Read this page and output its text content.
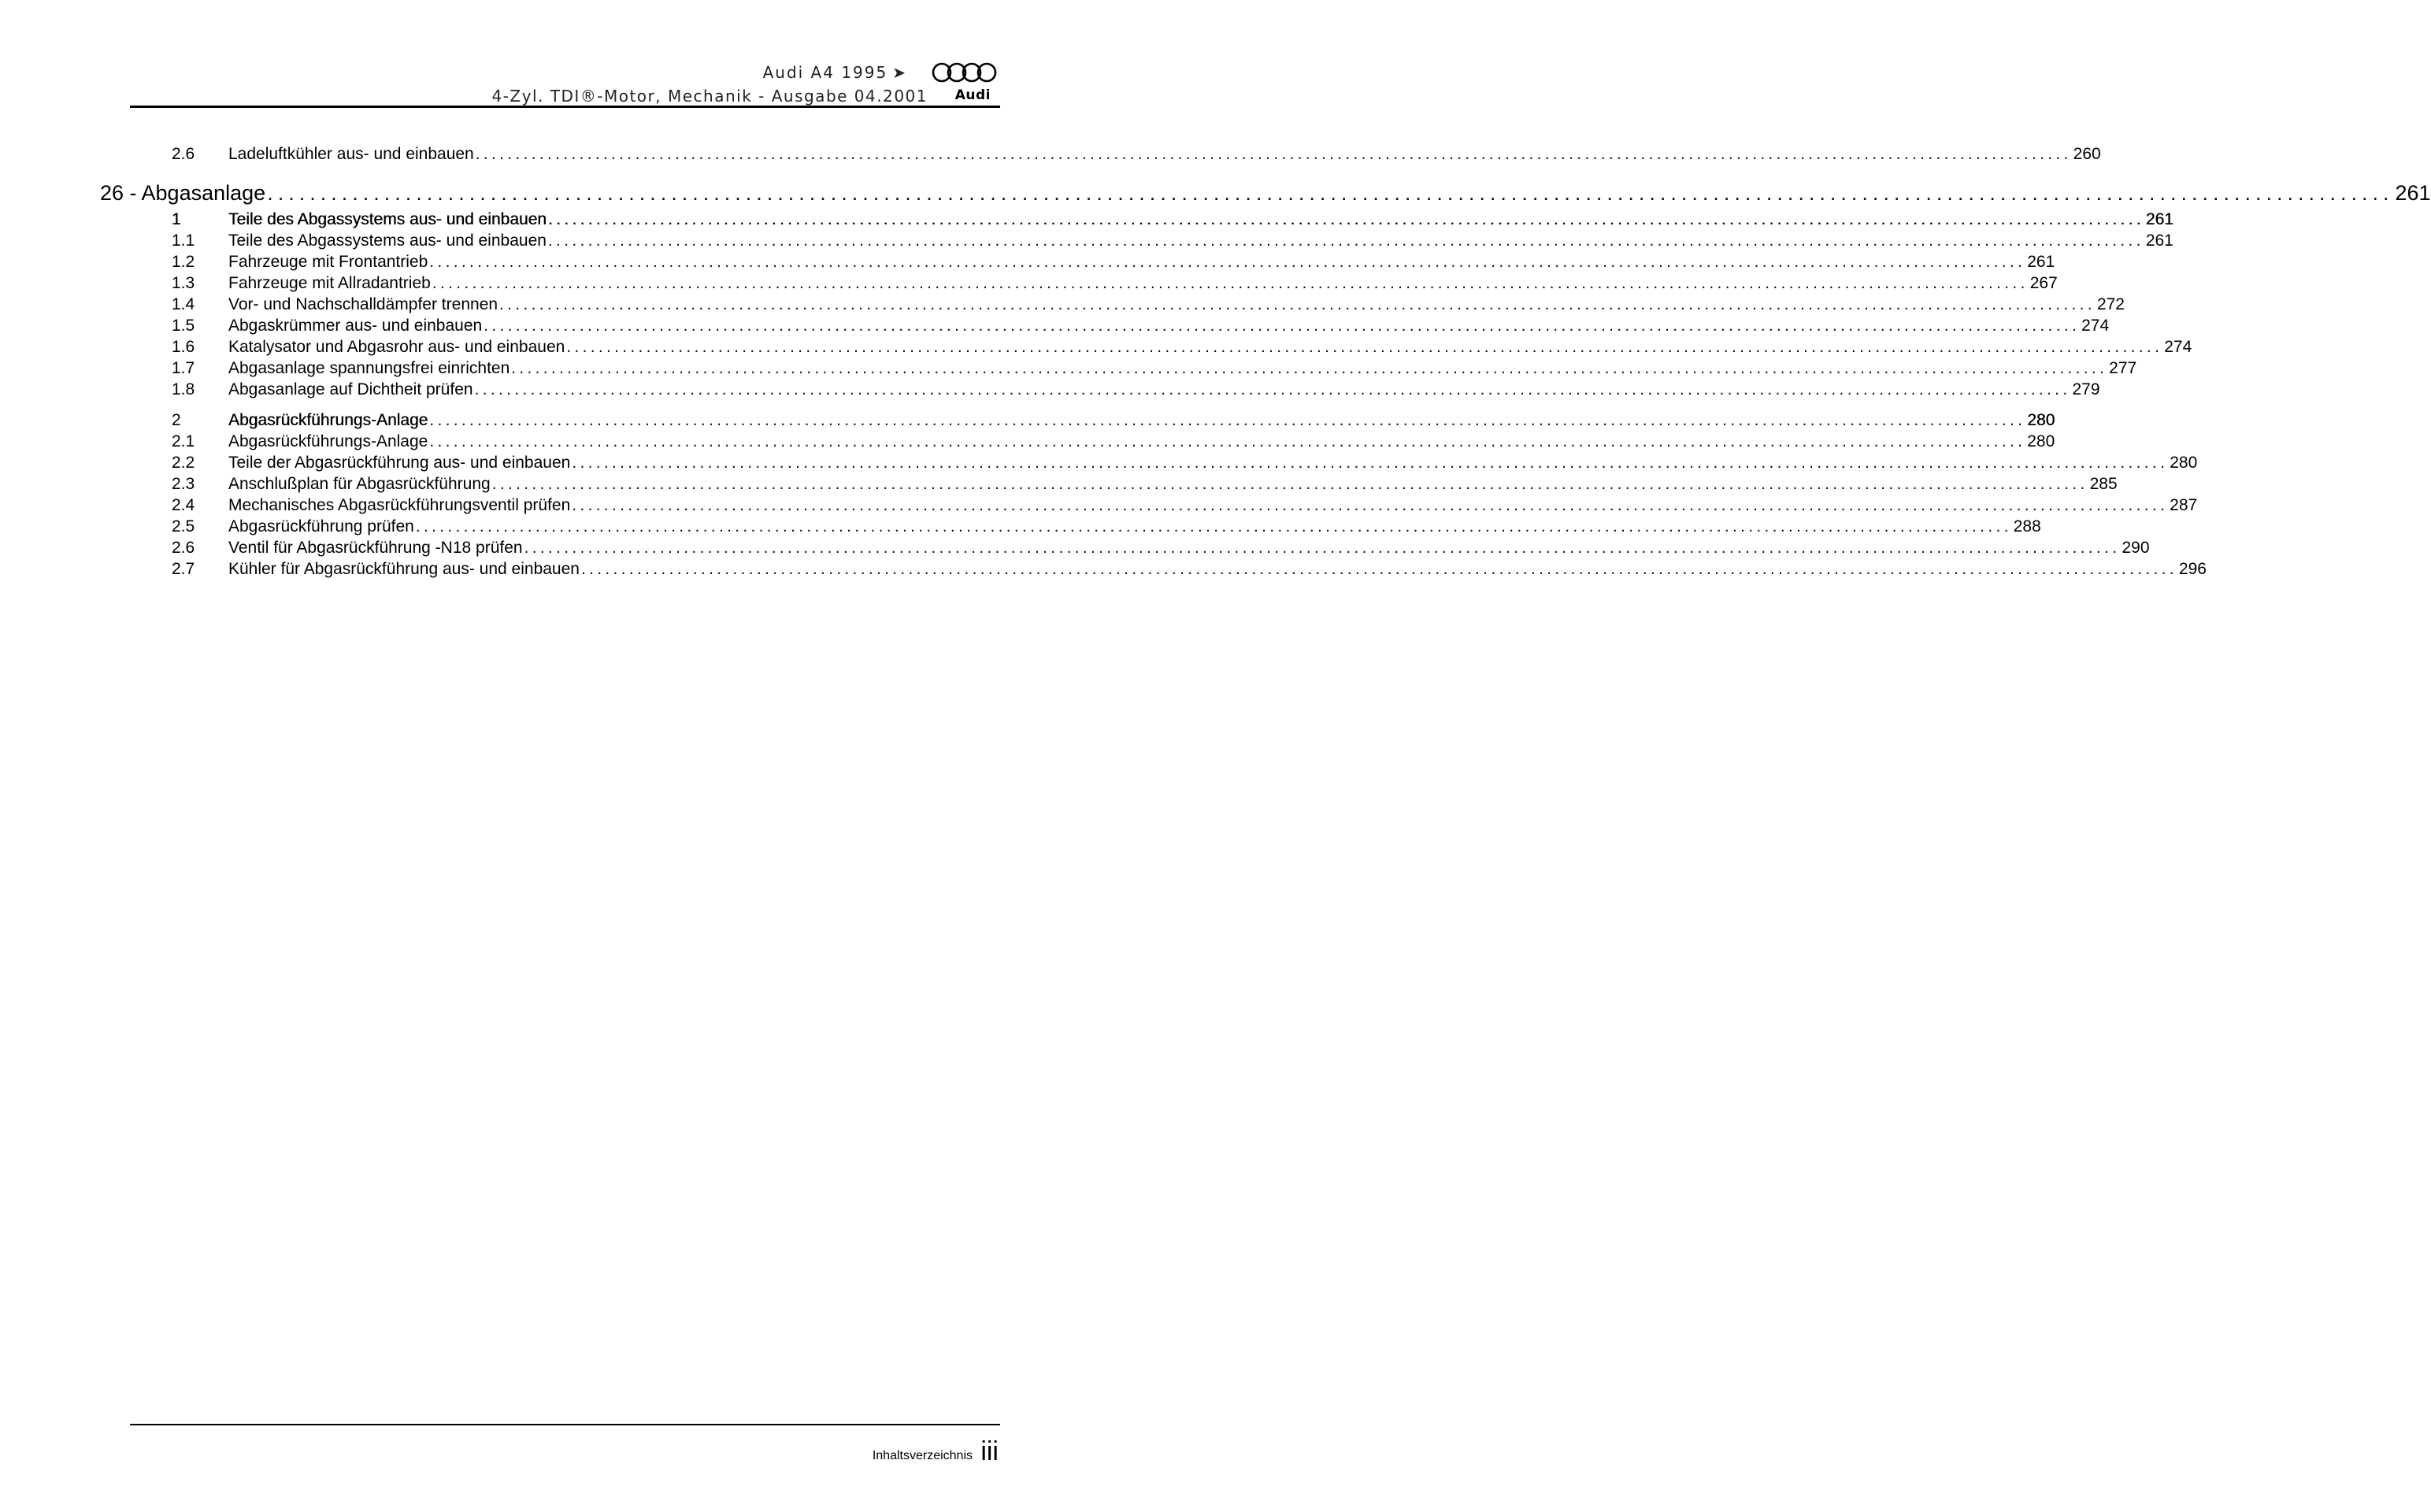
Audi A4 1995 ➤
4-Zyl. TDI®-Motor, Mechanik - Ausgabe 04.2001 Audi
2.6	Ladeluftkühler aus- und einbauen ........................................................................................................................................................................................................ 260
26 - Abgasanlage ........................................................................................................................................................................................................ 261
1	Teile des Abgassystems aus- und einbauen ........................................................................................................................................................................................................ 261
1.1	Teile des Abgassystems aus- und einbauen ........................................................................................................................................................................................................ 261
1.2	Fahrzeuge mit Frontantrieb ........................................................................................................................................................................................................ 261
1.3	Fahrzeuge mit Allradantrieb ........................................................................................................................................................................................................ 267
1.4	Vor- und Nachschalldämpfer trennen ........................................................................................................................................................................................................ 272
1.5	Abgaskrümmer aus- und einbauen ........................................................................................................................................................................................................ 274
1.6	Katalysator und Abgasrohr aus- und einbauen ........................................................................................................................................................................................................ 274
1.7	Abgasanlage spannungsfrei einrichten ........................................................................................................................................................................................................ 277
1.8	Abgasanlage auf Dichtheit prüfen ........................................................................................................................................................................................................ 279
2	Abgasrückführungs-Anlage ........................................................................................................................................................................................................ 280
2.1	Abgasrückführungs-Anlage ........................................................................................................................................................................................................ 280
2.2	Teile der Abgasrückführung aus- und einbauen ........................................................................................................................................................................................................ 280
2.3	Anschlußplan für Abgasrückführung ........................................................................................................................................................................................................ 285
2.4	Mechanisches Abgasrückführungsventil prüfen ........................................................................................................................................................................................................ 287
2.5	Abgasrückführung prüfen ........................................................................................................................................................................................................ 288
2.6	Ventil für Abgasrückführung -N18 prüfen ........................................................................................................................................................................................................ 290
2.7	Kühler für Abgasrückführung aus- und einbauen ........................................................................................................................................................................................................ 296
Inhaltsverzeichnis iii
